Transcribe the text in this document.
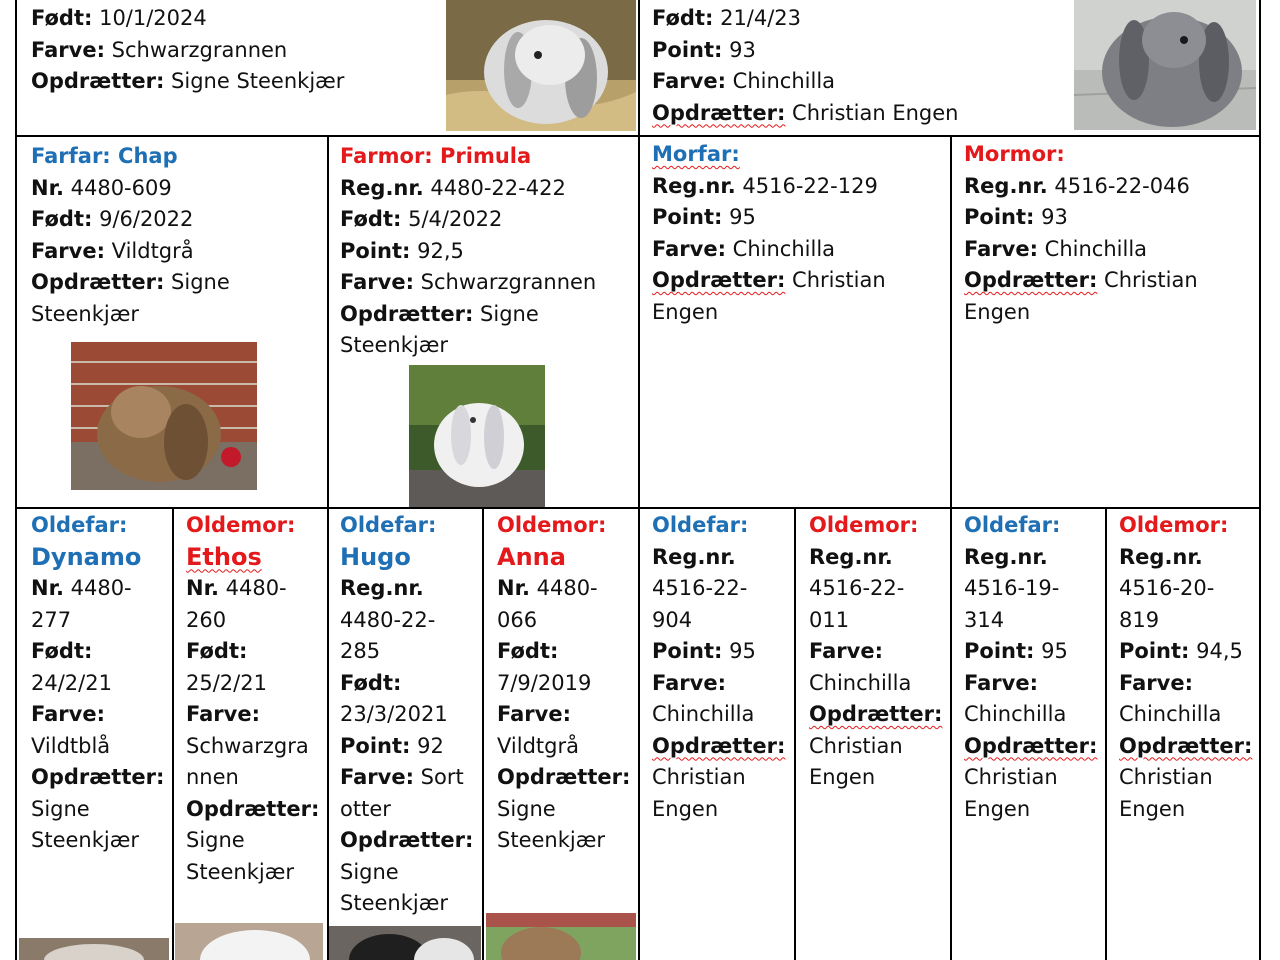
Født: 10/1/2024
Farve: Schwarzgrannen
Opdrætter: Signe Steenkjær
Født: 21/4/23
Point: 93
Farve: Chinchilla
Opdrætter: Christian Engen
Farfar: Chap
Nr. 4480-609
Født: 9/6/2022
Farve: Vildtgrå
Opdrætter: Signe
Steenkjær
Farmor: Primula
Reg.nr. 4480-22-422
Født: 5/4/2022
Point: 92,5
Farve: Schwarzgrannen
Opdrætter: Signe
Steenkjær
Morfar:
Reg.nr. 4516-22-129
Point: 95
Farve: Chinchilla
Opdrætter: Christian
Engen
Mormor:
Reg.nr. 4516-22-046
Point: 93
Farve: Chinchilla
Opdrætter: Christian
Engen
Oldefar:
Dynamo
Nr. 4480-
277
Født:
24/2/21
Farve:
Vildtblå
Opdrætter:
Signe
Steenkjær
Oldemor:
Ethos
Nr. 4480-
260
Født:
25/2/21
Farve:
Schwarzgra
nnen
Opdrætter:
Signe
Steenkjær
Oldefar:
Hugo
Reg.nr.
4480-22-
285
Født:
23/3/2021
Point: 92
Farve: Sort
otter
Opdrætter:
Signe
Steenkjær
Oldemor:
Anna
Nr. 4480-
066
Født:
7/9/2019
Farve:
Vildtgrå
Opdrætter:
Signe
Steenkjær
Oldefar:
Reg.nr.
4516-22-
904
Point: 95
Farve:
Chinchilla
Opdrætter:
Christian
Engen
Oldemor:
Reg.nr.
4516-22-
011
Farve:
Chinchilla
Opdrætter:
Christian
Engen
Oldefar:
Reg.nr.
4516-19-
314
Point: 95
Farve:
Chinchilla
Opdrætter:
Christian
Engen
Oldemor:
Reg.nr.
4516-20-
819
Point: 94,5
Farve:
Chinchilla
Opdrætter:
Christian
Engen
